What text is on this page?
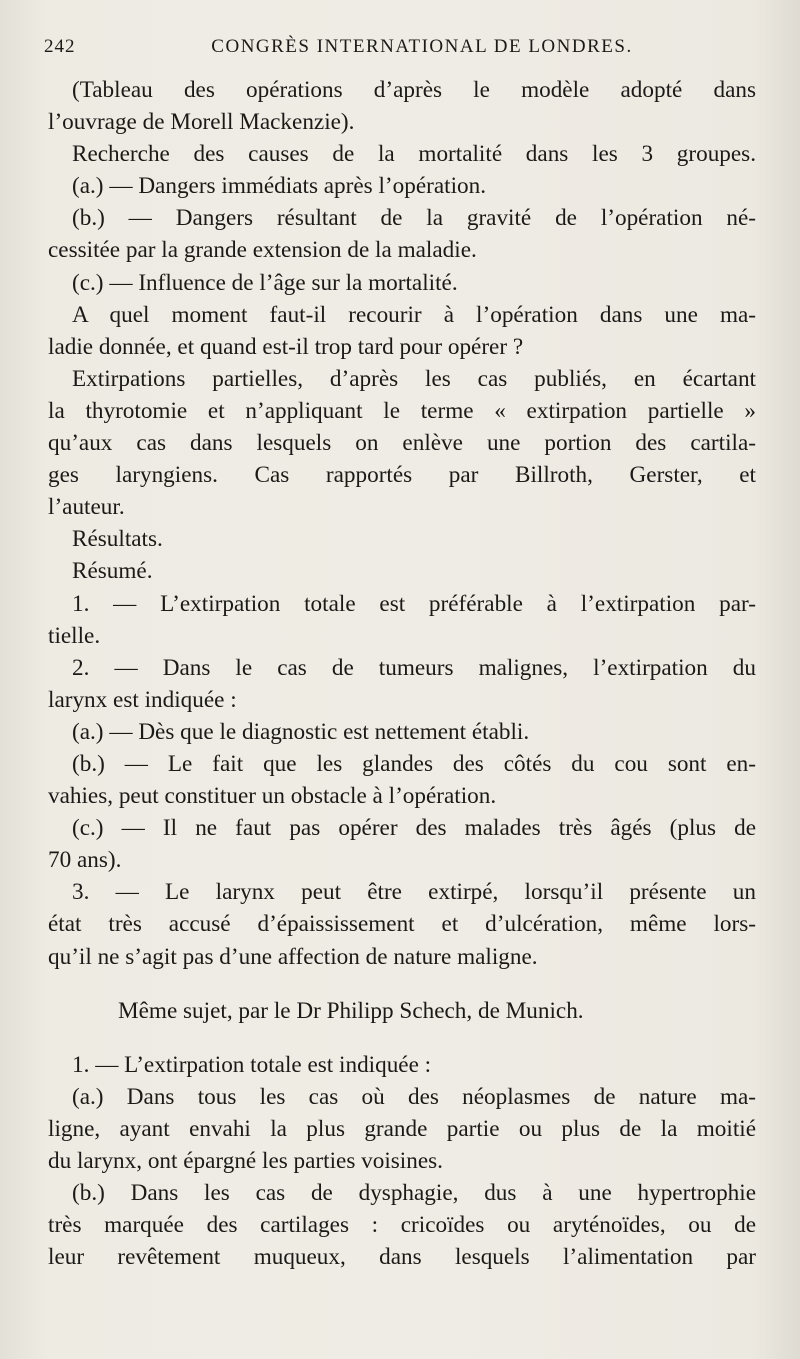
242	CONGRÈS INTERNATIONAL DE LONDRES.
(Tableau des opérations d’après le modèle adopté dans
l’ouvrage de Morell Mackenzie).
Recherche des causes de la mortalité dans les 3 groupes.
(a.) — Dangers immédiats après l’opération.
(b.) — Dangers résultant de la gravité de l’opération né-
cessitée par la grande extension de la maladie.
(c.) — Influence de l’âge sur la mortalité.
A quel moment faut-il recourir à l’opération dans une ma-
ladie donnée, et quand est-il trop tard pour opérer ?
Extirpations partielles, d’après les cas publiés, en écartant
la thyrotomie et n’appliquant le terme « extirpation partielle »
qu’aux cas dans lesquels on enlève une portion des cartila-
ges laryngiens. Cas rapportés par Billroth, Gerster, et
l’auteur.
Résultats.
Résumé.
1. — L’extirpation totale est préférable à l’extirpation par-
tielle.
2. — Dans le cas de tumeurs malignes, l’extirpation du
larynx est indiquée :
(a.) — Dès que le diagnostic est nettement établi.
(b.) — Le fait que les glandes des côtés du cou sont en-
vahies, peut constituer un obstacle à l’opération.
(c.) — Il ne faut pas opérer des malades très âgés (plus de
70 ans).
3. — Le larynx peut être extirpé, lorsqu’il présente un
état très accusé d’épaississement et d’ulcération, même lors-
qu’il ne s’agit pas d’une affection de nature maligne.
Même sujet, par le Dr Philipp Schech, de Munich.
1. — L’extirpation totale est indiquée :
(a.) Dans tous les cas où des néoplasmes de nature ma-
ligne, ayant envahi la plus grande partie ou plus de la moitié
du larynx, ont épargné les parties voisines.
(b.) Dans les cas de dysphagie, dus à une hypertrophie
très marquée des cartilages : cricoïdes ou aryténoïdes, ou de
leur revêtement muqueux, dans lesquels l’alimentation par
